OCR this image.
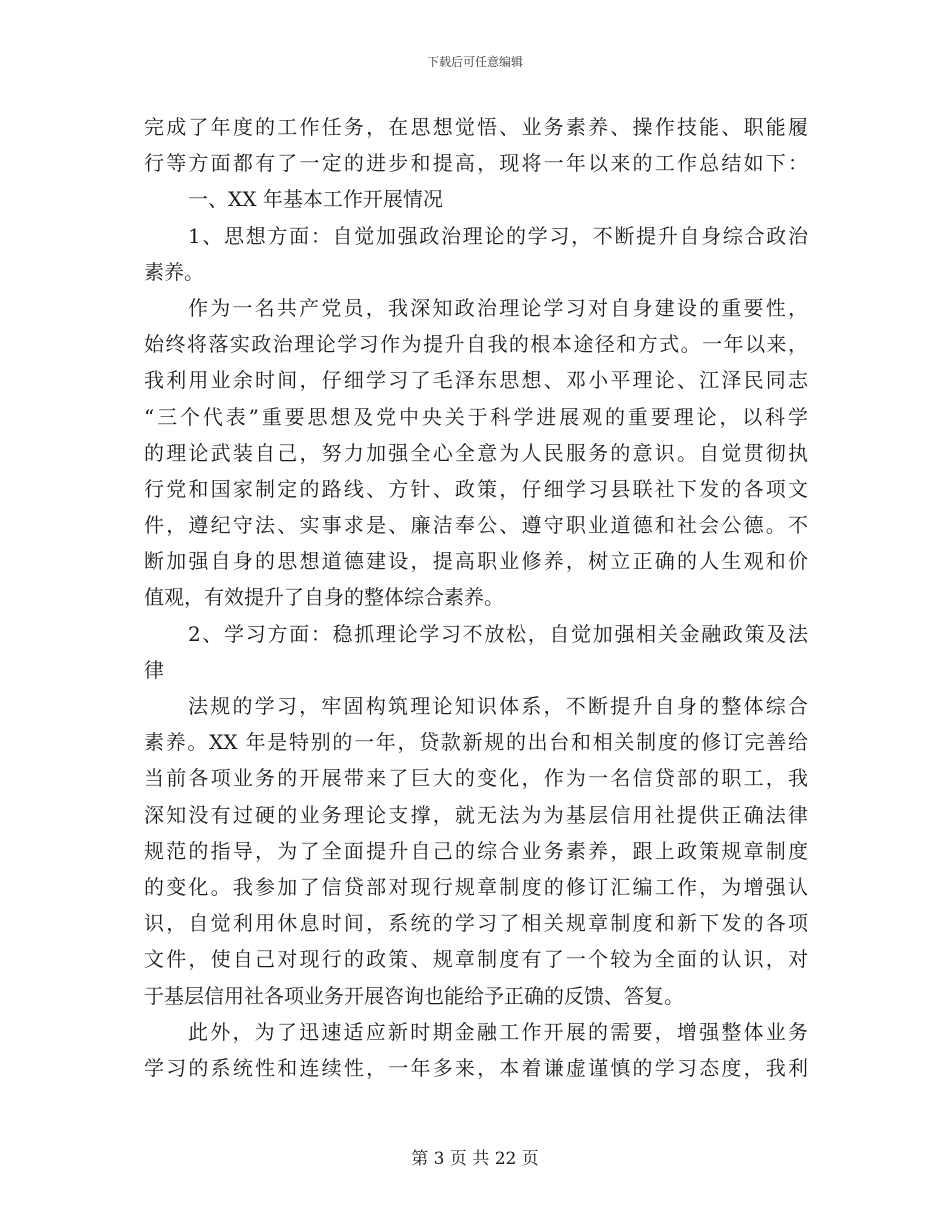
下载后可任意编辑
完成了年度的工作任务，在思想觉悟、业务素养、操作技能、职能履
行等方面都有了一定的进步和提高，现将一年以来的工作总结如下：
一、XX 年基本工作开展情况
1、思想方面：自觉加强政治理论的学习，不断提升自身综合政治
素养。
作为一名共产党员，我深知政治理论学习对自身建设的重要性，
始终将落实政治理论学习作为提升自我的根本途径和方式。一年以来，
我利用业余时间，仔细学习了毛泽东思想、邓小平理论、江泽民同志
“三个代表”重要思想及党中央关于科学进展观的重要理论，以科学
的理论武装自己，努力加强全心全意为人民服务的意识。自觉贯彻执
行党和国家制定的路线、方针、政策，仔细学习县联社下发的各项文
件，遵纪守法、实事求是、廉洁奉公、遵守职业道德和社会公德。不
断加强自身的思想道德建设，提高职业修养，树立正确的人生观和价
值观，有效提升了自身的整体综合素养。
2、学习方面：稳抓理论学习不放松，自觉加强相关金融政策及法
律
法规的学习，牢固构筑理论知识体系，不断提升自身的整体综合
素养。XX 年是特别的一年，贷款新规的出台和相关制度的修订完善给
当前各项业务的开展带来了巨大的变化，作为一名信贷部的职工，我
深知没有过硬的业务理论支撑，就无法为为基层信用社提供正确法律
规范的指导，为了全面提升自己的综合业务素养，跟上政策规章制度
的变化。我参加了信贷部对现行规章制度的修订汇编工作，为增强认
识，自觉利用休息时间，系统的学习了相关规章制度和新下发的各项
文件，使自己对现行的政策、规章制度有了一个较为全面的认识，对
于基层信用社各项业务开展咨询也能给予正确的反馈、答复。
此外，为了迅速适应新时期金融工作开展的需要，增强整体业务
学习的系统性和连续性，一年多来，本着谦虚谨慎的学习态度，我利
第 3 页 共 22 页
